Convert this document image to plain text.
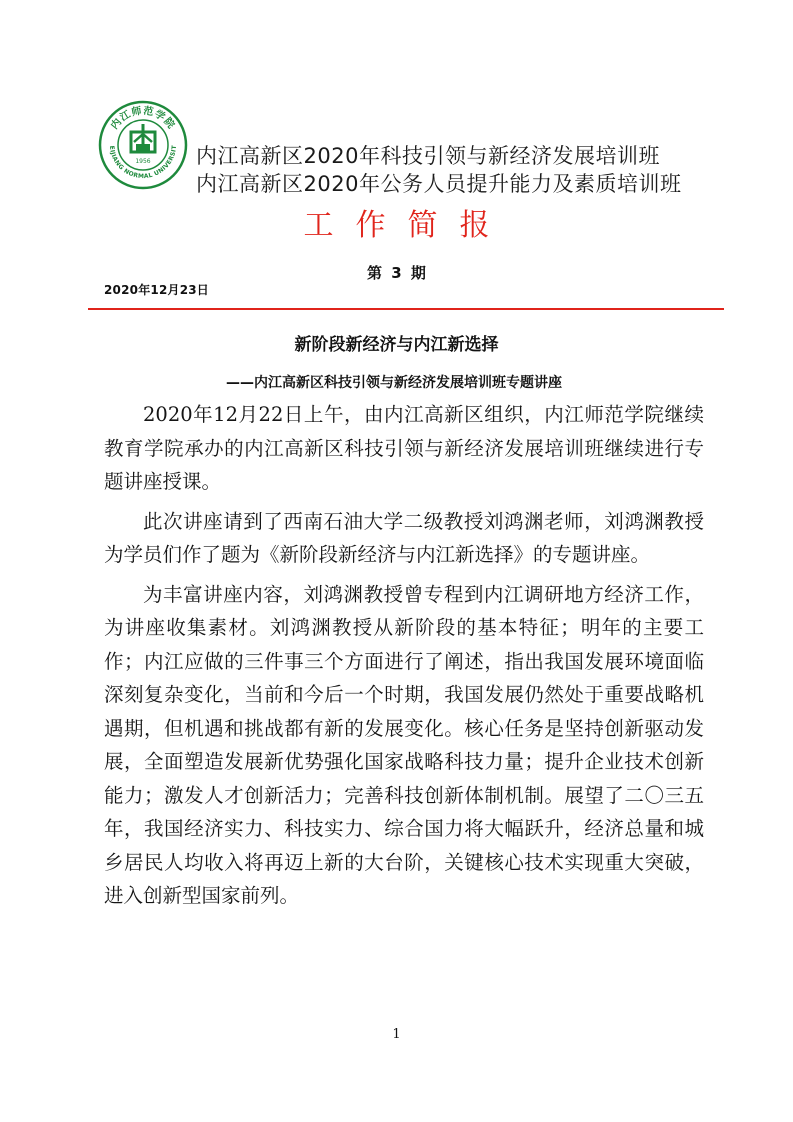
内江师范学院
EIJIANG NORMAL UNIVERSIT
1956 内江高新区2020年科技引领与新经济发展培训班
内江高新区2020年公务人员提升能力及素质培训班
工作简报
第 3 期
2020年12月23日
新阶段新经济与内江新选择
——内江高新区科技引领与新经济发展培训班专题讲座

2020年12月22日上午，由内江高新区组织，内江师范学院继续教育学院承办的内江高新区科技引领与新经济发展培训班继续进行专题讲座授课。

此次讲座请到了西南石油大学二级教授刘鸿渊老师，刘鸿渊教授为学员们作了题为《新阶段新经济与内江新选择》的专题讲座。

为丰富讲座内容，刘鸿渊教授曾专程到内江调研地方经济工作，为讲座收集素材。刘鸿渊教授从新阶段的基本特征；明年的主要工作；内江应做的三件事三个方面进行了阐述，指出我国发展环境面临深刻复杂变化，当前和今后一个时期，我国发展仍然处于重要战略机遇期，但机遇和挑战都有新的发展变化。核心任务是坚持创新驱动发展，全面塑造发展新优势强化国家战略科技力量；提升企业技术创新能力；激发人才创新活力；完善科技创新体制机制。展望了二〇三五年，我国经济实力、科技实力、综合国力将大幅跃升，经济总量和城乡居民人均收入将再迈上新的大台阶，关键核心技术实现重大突破，进入创新型国家前列。

1
